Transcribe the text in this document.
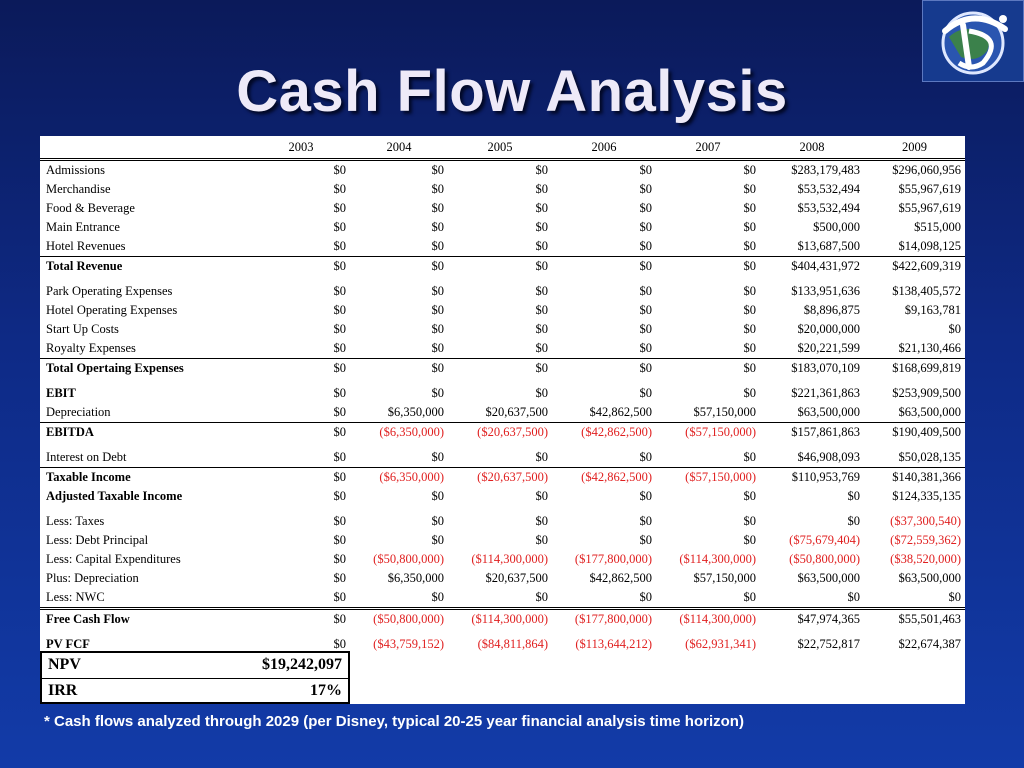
Cash Flow Analysis
	2003	2004	2005	2006	2007	2008	2009
Admissions	$0	$0	$0	$0	$0	$283,179,483	$296,060,956
Merchandise	$0	$0	$0	$0	$0	$53,532,494	$55,967,619
Food & Beverage	$0	$0	$0	$0	$0	$53,532,494	$55,967,619
Main Entrance	$0	$0	$0	$0	$0	$500,000	$515,000
Hotel Revenues	$0	$0	$0	$0	$0	$13,687,500	$14,098,125
Total Revenue	$0	$0	$0	$0	$0	$404,431,972	$422,609,319
Park Operating Expenses	$0	$0	$0	$0	$0	$133,951,636	$138,405,572
Hotel Operating Expenses	$0	$0	$0	$0	$0	$8,896,875	$9,163,781
Start Up Costs	$0	$0	$0	$0	$0	$20,000,000	$0
Royalty Expenses	$0	$0	$0	$0	$0	$20,221,599	$21,130,466
Total Opertaing Expenses	$0	$0	$0	$0	$0	$183,070,109	$168,699,819
EBIT	$0	$0	$0	$0	$0	$221,361,863	$253,909,500
Depreciation	$0	$6,350,000	$20,637,500	$42,862,500	$57,150,000	$63,500,000	$63,500,000
EBITDA	$0	($6,350,000)	($20,637,500)	($42,862,500)	($57,150,000)	$157,861,863	$190,409,500
Interest on Debt	$0	$0	$0	$0	$0	$46,908,093	$50,028,135
Taxable Income	$0	($6,350,000)	($20,637,500)	($42,862,500)	($57,150,000)	$110,953,769	$140,381,366
Adjusted Taxable Income	$0	$0	$0	$0	$0	$0	$124,335,135
Less: Taxes	$0	$0	$0	$0	$0	$0	($37,300,540)
Less: Debt Principal	$0	$0	$0	$0	$0	($75,679,404)	($72,559,362)
Less: Capital Expenditures	$0	($50,800,000)	($114,300,000)	($177,800,000)	($114,300,000)	($50,800,000)	($38,520,000)
Plus: Depreciation	$0	$6,350,000	$20,637,500	$42,862,500	$57,150,000	$63,500,000	$63,500,000
Less: NWC	$0	$0	$0	$0	$0	$0	$0
Free Cash Flow	$0	($50,800,000)	($114,300,000)	($177,800,000)	($114,300,000)	$47,974,365	$55,501,463
PV FCF	$0	($43,759,152)	($84,811,864)	($113,644,212)	($62,931,341)	$22,752,817	$22,674,387
NPV	$19,242,097
IRR	17%
* Cash flows analyzed through 2029 (per Disney, typical 20-25 year financial analysis time horizon)
